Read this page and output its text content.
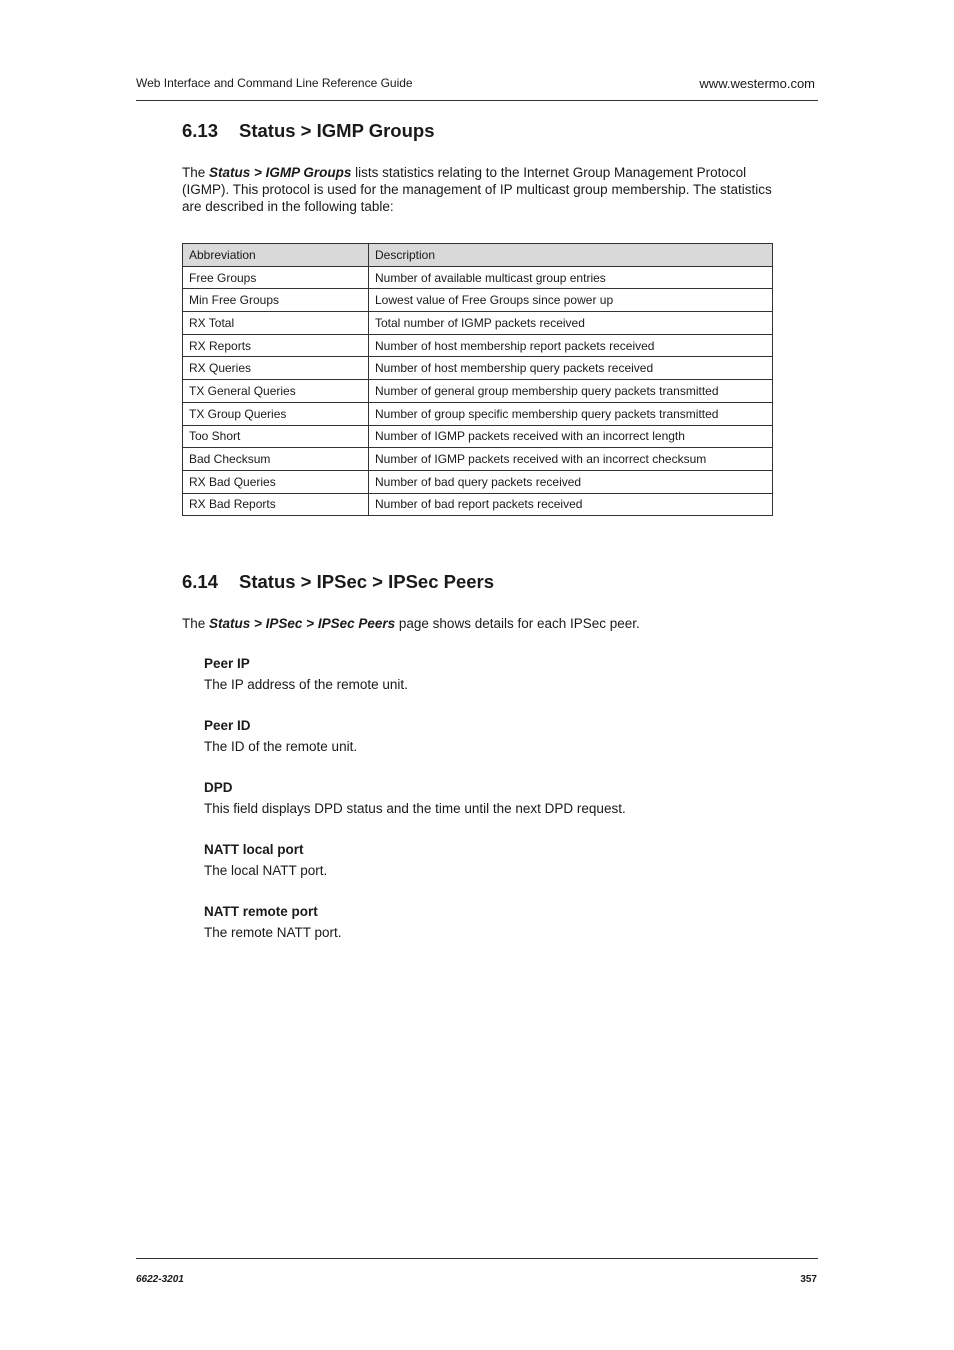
Web Interface and Command Line Reference Guide	www.westermo.com
6.13 Status > IGMP Groups
The Status > IGMP Groups lists statistics relating to the Internet Group Management Protocol (IGMP). This protocol is used for the management of IP multicast group membership. The statistics are described in the following table:
Abbreviation	Description
Free Groups	Number of available multicast group entries
Min Free Groups	Lowest value of Free Groups since power up
RX Total	Total number of IGMP packets received
RX Reports	Number of host membership report packets received
RX Queries	Number of host membership query packets received
TX General Queries	Number of general group membership query packets transmitted
TX Group Queries	Number of group specific membership query packets transmitted
Too Short	Number of IGMP packets received with an incorrect length
Bad Checksum	Number of IGMP packets received with an incorrect checksum
RX Bad Queries	Number of bad query packets received
RX Bad Reports	Number of bad report packets received
6.14 Status > IPSec > IPSec Peers
The Status > IPSec > IPSec Peers page shows details for each IPSec peer.
Peer IP
The IP address of the remote unit.
Peer ID
The ID of the remote unit.
DPD
This field displays DPD status and the time until the next DPD request.
NATT local port
The local NATT port.
NATT remote port
The remote NATT port.
6622-3201	357
